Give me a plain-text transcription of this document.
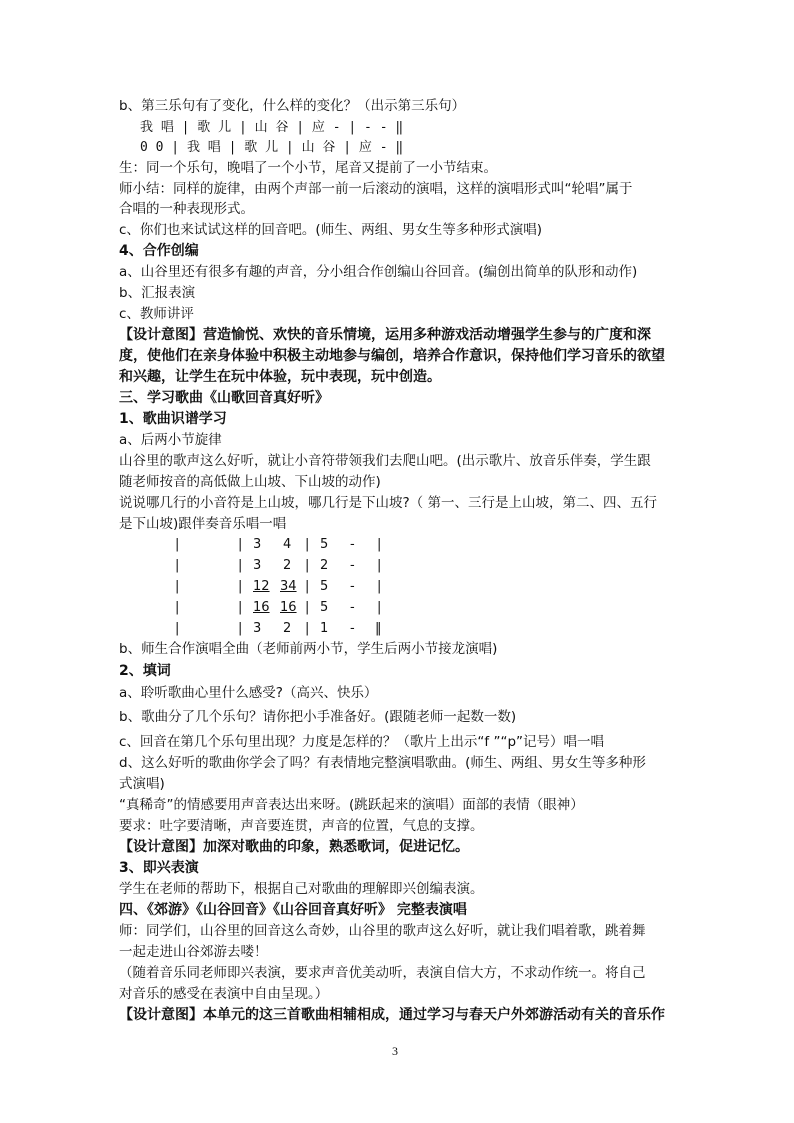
b、第三乐句有了变化，什么样的变化？（出示第三乐句）
我 唱 | 歌 儿 | 山 谷 | 应 - | - - ‖
0 0 | 我 唱 | 歌 儿 | 山 谷 | 应 - ‖
生：同一个乐句，晚唱了一个小节，尾音又提前了一小节结束。
师小结：同样的旋律，由两个声部一前一后滚动的演唱，这样的演唱形式叫“轮唱”属于
合唱的一种表现形式。
c、你们也来试试这样的回音吧。(师生、两组、男女生等多种形式演唱)
4、合作创编
a、山谷里还有很多有趣的声音，分小组合作创编山谷回音。(编创出简单的队形和动作)
b、汇报表演
c、教师讲评
【设计意图】营造愉悦、欢快的音乐情境，运用多种游戏活动增强学生参与的广度和深
度，使他们在亲身体验中积极主动地参与编创，培养合作意识，保持他们学习音乐的欲望
和兴趣，让学生在玩中体验，玩中表现，玩中创造。
三、学习歌曲《山歌回音真好听》
1、歌曲识谱学习
a、后两小节旋律
山谷里的歌声这么好听，就让小音符带领我们去爬山吧。(出示歌片、放音乐伴奏，学生跟
随老师按音的高低做上山坡、下山坡的动作)
说说哪几行的小音符是上山坡，哪几行是下山坡?（ 第一、三行是上山坡，第二、四、五行
是下山坡)跟伴奏音乐唱一唱
|	| 3 4 | 5 - |
|	| 3 2 | 2 - |
|	| 12 34 | 5 - |
|	| 16 16 | 5 - |
|	| 3 2 | 1 - ‖
b、师生合作演唱全曲（老师前两小节，学生后两小节接龙演唱)
2、填词
a、聆听歌曲心里什么感受?（高兴、快乐）
b、歌曲分了几个乐句？请你把小手准备好。(跟随老师一起数一数)
c、回音在第几个乐句里出现？力度是怎样的？（歌片上出示“f ”“p”记号）唱一唱
d、这么好听的歌曲你学会了吗？有表情地完整演唱歌曲。(师生、两组、男女生等多种形
式演唱)
“真稀奇”的情感要用声音表达出来呀。(跳跃起来的演唱）面部的表情（眼神）
要求：吐字要清晰，声音要连贯，声音的位置，气息的支撑。
【设计意图】加深对歌曲的印象，熟悉歌词，促进记忆。
3、即兴表演
学生在老师的帮助下，根据自己对歌曲的理解即兴创编表演。
四、《郊游》《山谷回音》《山谷回音真好听》 完整表演唱
师：同学们，山谷里的回音这么奇妙，山谷里的歌声这么好听，就让我们唱着歌，跳着舞
一起走进山谷郊游去喽！
（随着音乐同老师即兴表演，要求声音优美动听，表演自信大方，不求动作统一。将自己
对音乐的感受在表演中自由呈现。）
【设计意图】本单元的这三首歌曲相辅相成，通过学习与春天户外郊游活动有关的音乐作
3
